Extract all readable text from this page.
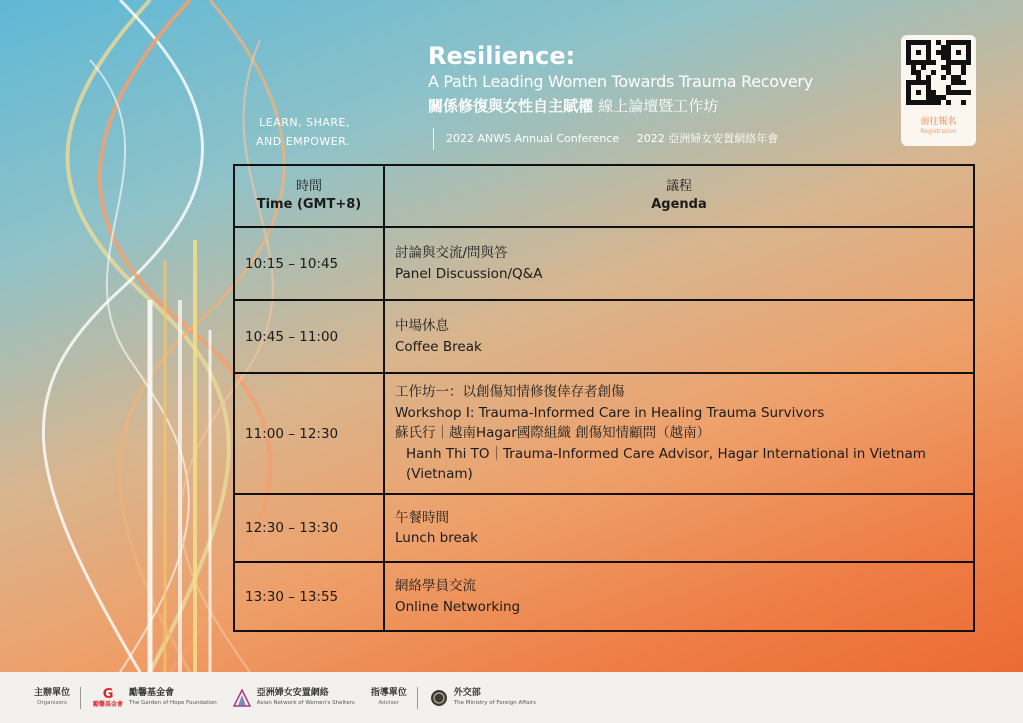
LEARN, SHARE,
AND EMPOWER.
Resilience:
A Path Leading Women Towards Trauma Recovery
關係修復與女性自主賦權 線上論壇暨工作坊
2022 ANWS Annual Conference 2022 亞洲婦女安置網絡年會
前往報名
Registration
時間
Time (GMT+8)	議程
Agenda
10:15 – 10:45	討論與交流/問與答
Panel Discussion/Q&A

10:45 – 11:00	中場休息
Coffee Break

11:00 – 12:30	工作坊一：以創傷知情修復倖存者創傷
Workshop I: Trauma-Informed Care in Healing Trauma Survivors
蘇氏行｜越南Hagar國際組織 創傷知情顧問（越南）
Hanh Thi TO｜Trauma-Informed Care Advisor, Hagar International in Vietnam (Vietnam)

12:30 – 13:30	午餐時間
Lunch break

13:30 – 13:55	網絡學員交流
Online Networking
主辦單位
Organizers
G
勵馨基金會
勵馨基金會
The Garden of Hope Foundation
亞洲婦女安置網絡
Asian Network of Women's Shelters
指導單位
Adviser
外交部
The Ministry of Foreign Affairs
